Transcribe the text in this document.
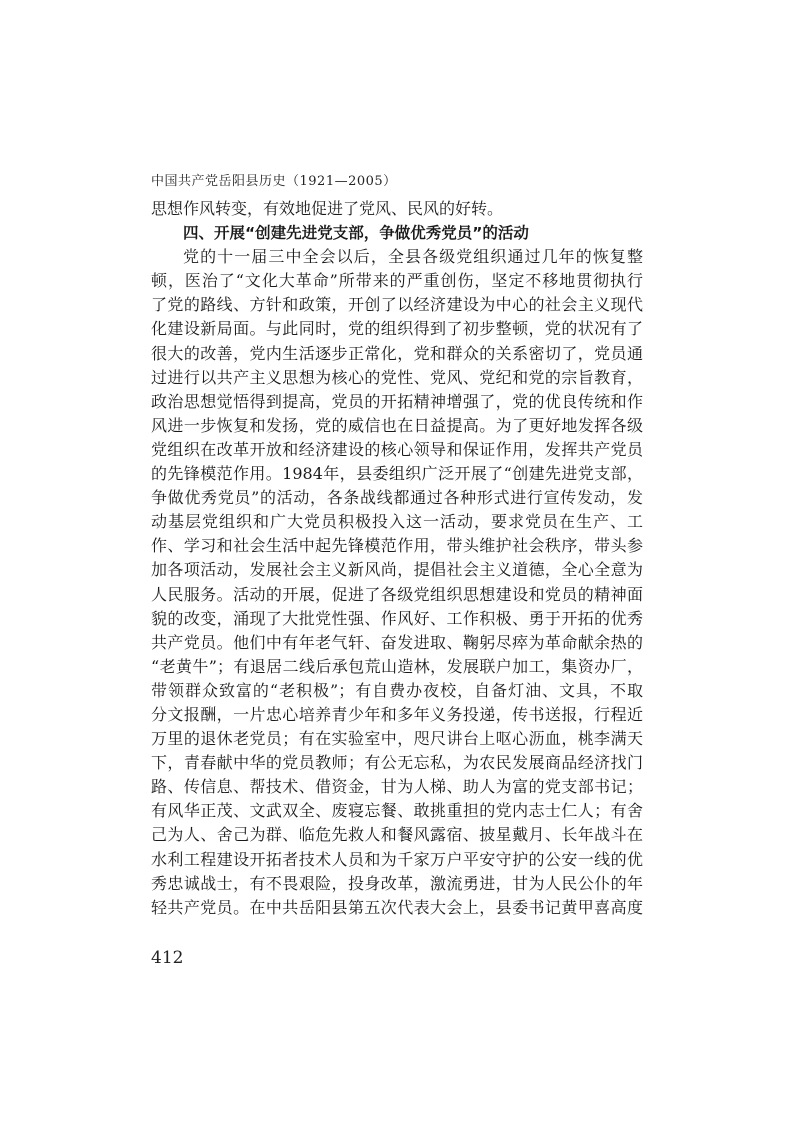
中国共产党岳阳县历史（1921—2005）
思想作风转变，有效地促进了党风、民风的好转。
四、开展“创建先进党支部，争做优秀党员”的活动
党的十一届三中全会以后，全县各级党组织通过几年的恢复整
顿，医治了“文化大革命”所带来的严重创伤，坚定不移地贯彻执行
了党的路线、方针和政策，开创了以经济建设为中心的社会主义现代
化建设新局面。与此同时，党的组织得到了初步整顿，党的状况有了
很大的改善，党内生活逐步正常化，党和群众的关系密切了，党员通
过进行以共产主义思想为核心的党性、党风、党纪和党的宗旨教育，
政治思想觉悟得到提高，党员的开拓精神增强了，党的优良传统和作
风进一步恢复和发扬，党的威信也在日益提高。为了更好地发挥各级
党组织在改革开放和经济建设的核心领导和保证作用，发挥共产党员
的先锋模范作用。1984年，县委组织广泛开展了“创建先进党支部，
争做优秀党员”的活动，各条战线都通过各种形式进行宣传发动，发
动基层党组织和广大党员积极投入这一活动，要求党员在生产、工
作、学习和社会生活中起先锋模范作用，带头维护社会秩序，带头参
加各项活动，发展社会主义新风尚，提倡社会主义道德，全心全意为
人民服务。活动的开展，促进了各级党组织思想建设和党员的精神面
貌的改变，涌现了大批党性强、作风好、工作积极、勇于开拓的优秀
共产党员。他们中有年老气轩、奋发进取、鞠躬尽瘁为革命献余热的
“老黄牛”；有退居二线后承包荒山造林，发展联户加工，集资办厂，
带领群众致富的“老积极”；有自费办夜校，自备灯油、文具，不取
分文报酬，一片忠心培养青少年和多年义务投递，传书送报，行程近
万里的退休老党员；有在实验室中，咫尺讲台上呕心沥血，桃李满天
下，青春献中华的党员教师；有公无忘私，为农民发展商品经济找门
路、传信息、帮技术、借资金，甘为人梯、助人为富的党支部书记；
有风华正茂、文武双全、废寝忘餐、敢挑重担的党内志士仁人；有舍
己为人、舍己为群、临危先救人和餐风露宿、披星戴月、长年战斗在
水利工程建设开拓者技术人员和为千家万户平安守护的公安一线的优
秀忠诚战士，有不畏艰险，投身改革，激流勇进，甘为人民公仆的年
轻共产党员。在中共岳阳县第五次代表大会上，县委书记黄甲喜高度
412
